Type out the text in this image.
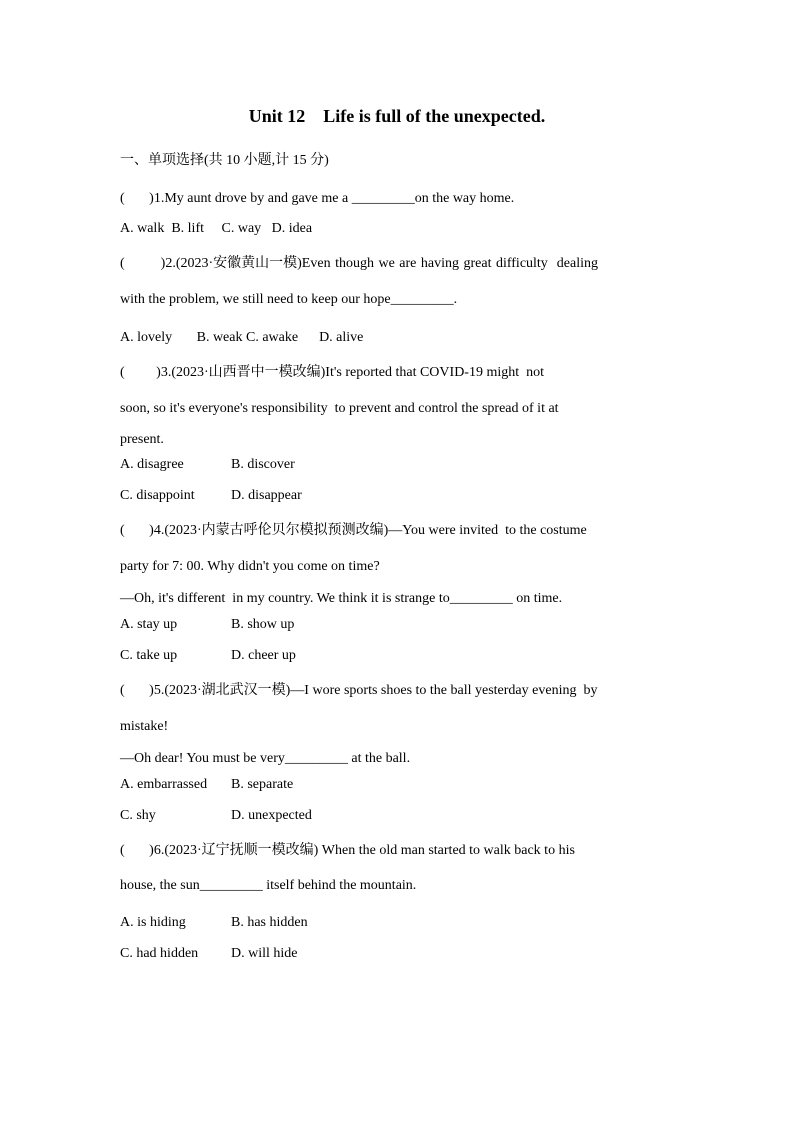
Unit 12    Life is full of the unexpected.
一、单项选择(共 10 小题,计 15 分)
(       )1.My aunt drove by and gave me a _________on the way home.
A. walk  B. lift     C. way   D. idea
(        )2.(2023·安徽黄山一模)Even though we are having great difficulty  dealing
with the problem, we still need to keep our hope_________.
A. lovely       B. weak C. awake      D. alive
(         )3.(2023·山西晋中一模改编)It's reported that COVID-19 might  not
soon, so it's everyone's responsibility  to prevent and control the spread of it at
present.
A. disagree	B. discover
C. disappoint	D. disappear
(       )4.(2023·内蒙古呼伦贝尔模拟预测改编)—You were invited  to the costume
party for 7: 00. Why didn't you come on time?
—Oh, it's different  in my country. We think it is strange to_________ on time.
A. stay up	B. show up
C. take up	D. cheer up
(       )5.(2023·湖北武汉一模)—I wore sports shoes to the ball yesterday evening  by
mistake!
—Oh dear! You must be very_________ at the ball.
A. embarrassed	B. separate
C. shy	D. unexpected
(       )6.(2023·辽宁抚顺一模改编) When the old man started to walk back to his
house, the sun_________ itself behind the mountain.
A. is hiding	B. has hidden
C. had hidden	D. will hide
